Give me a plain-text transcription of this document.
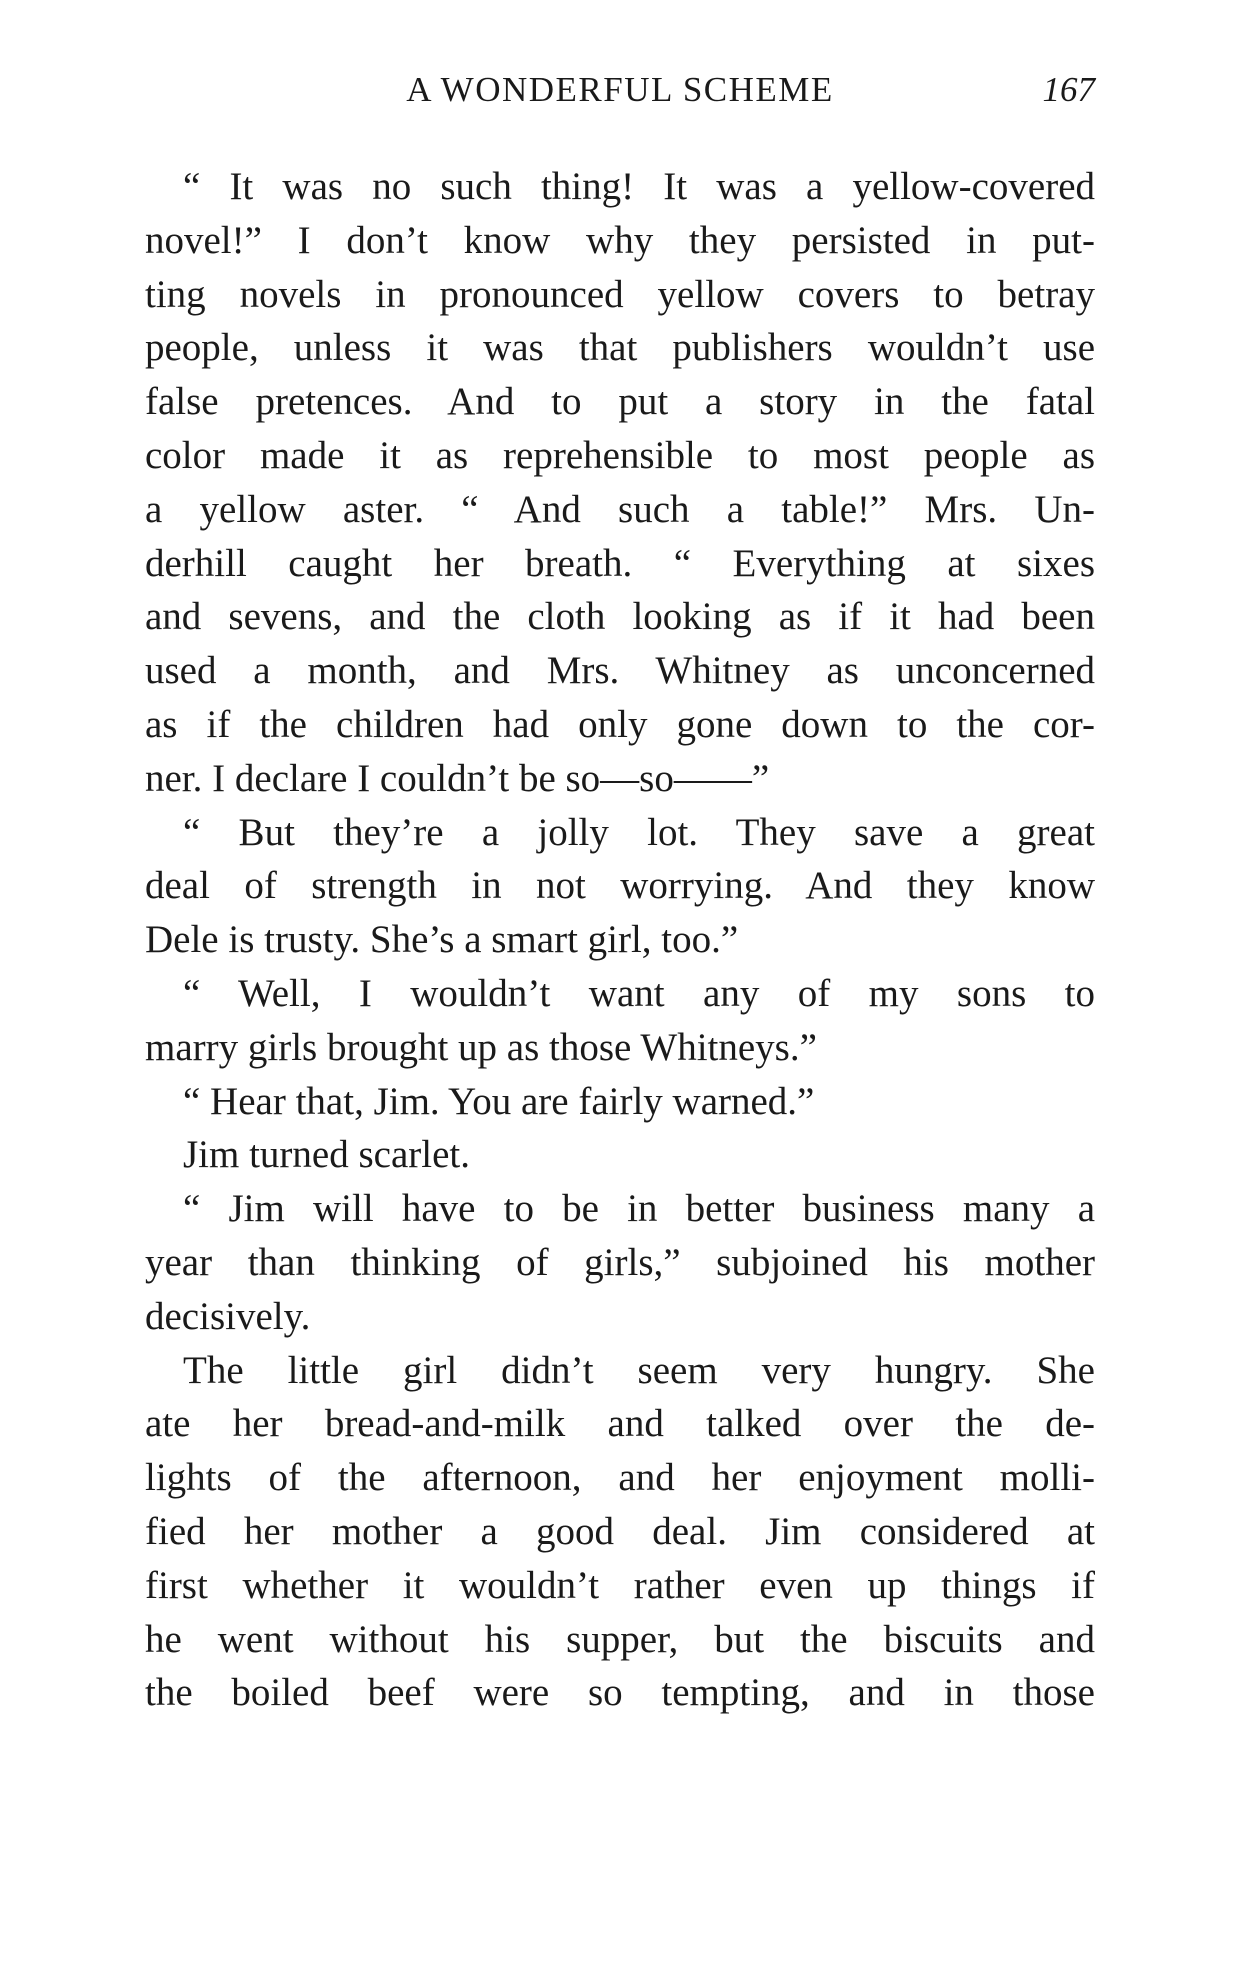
A WONDERFUL SCHEME	167
“ It was no such thing! It was a yellow-covered
novel!” I don’t know why they persisted in put-
ting novels in pronounced yellow covers to betray
people, unless it was that publishers wouldn’t use
false pretences. And to put a story in the fatal
color made it as reprehensible to most people as
a yellow aster. “ And such a table!” Mrs. Un-
derhill caught her breath. “ Everything at sixes
and sevens, and the cloth looking as if it had been
used a month, and Mrs. Whitney as unconcerned
as if the children had only gone down to the cor-
ner. I declare I couldn’t be so—so——”
“ But they’re a jolly lot. They save a great
deal of strength in not worrying. And they know
Dele is trusty. She’s a smart girl, too.”
“ Well, I wouldn’t want any of my sons to
marry girls brought up as those Whitneys.”
“ Hear that, Jim. You are fairly warned.”
Jim turned scarlet.
“ Jim will have to be in better business many a
year than thinking of girls,” subjoined his mother
decisively.
The little girl didn’t seem very hungry. She
ate her bread-and-milk and talked over the de-
lights of the afternoon, and her enjoyment molli-
fied her mother a good deal. Jim considered at
first whether it wouldn’t rather even up things if
he went without his supper, but the biscuits and
the boiled beef were so tempting, and in those
